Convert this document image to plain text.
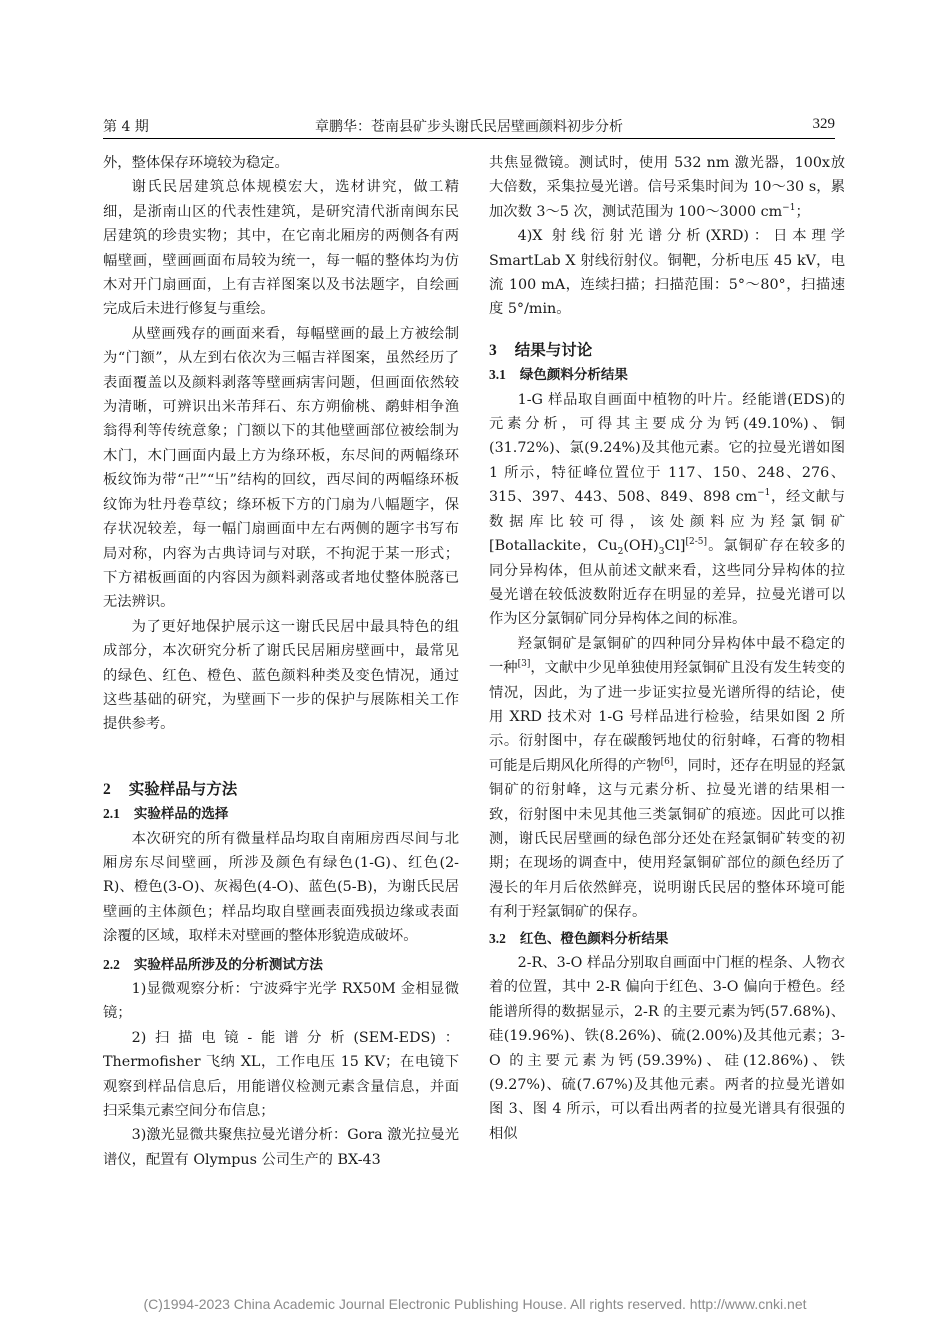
第 4 期	章鹏华：苍南县矿步头谢氏民居壁画颜料初步分析	329

外，整体保存环境较为稳定。

谢氏民居建筑总体规模宏大，选材讲究，做工精细，是浙南山区的代表性建筑，是研究清代浙南闽东民居建筑的珍贵实物；其中，在它南北厢房的两侧各有两幅壁画，壁画画面布局较为统一，每一幅的整体均为仿木对开门扇画面，上有吉祥图案以及书法题字，自绘画完成后未进行修复与重绘。

从壁画残存的画面来看，每幅壁画的最上方被绘制为“门额”，从左到右依次为三幅吉祥图案，虽然经历了表面覆盖以及颜料剥落等壁画病害问题，但画面依然较为清晰，可辨识出米芾拜石、东方朔偷桃、鹬蚌相争渔翁得利等传统意象；门额以下的其他壁画部位被绘制为木门，木门画面内最上方为绦环板，东尽间的两幅绦环板纹饰为带“卍”“卐”结构的回纹，西尽间的两幅绦环板纹饰为牡丹卷草纹；绦环板下方的门扇为八幅题字，保存状况较差，每一幅门扇画面中左右两侧的题字书写布局对称，内容为古典诗词与对联，不拘泥于某一形式；下方裙板画面的内容因为颜料剥落或者地仗整体脱落已无法辨识。

为了更好地保护展示这一谢氏民居中最具特色的组成部分，本次研究分析了谢氏民居厢房壁画中，最常见的绿色、红色、橙色、蓝色颜料种类及变色情况，通过这些基础的研究，为壁画下一步的保护与展陈相关工作提供参考。

2 实验样品与方法
2.1 实验样品的选择

本次研究的所有微量样品均取自南厢房西尽间与北厢房东尽间壁画，所涉及颜色有绿色(1-G)、红色(2-R)、橙色(3-O)、灰褐色(4-O)、蓝色(5-B)，为谢氏民居壁画的主体颜色；样品均取自壁画表面残损边缘或表面涂覆的区域，取样未对壁画的整体形貌造成破坏。

2.2 实验样品所涉及的分析测试方法

1)显微观察分析：宁波舜宇光学 RX50M 金相显微镜；

2)扫描电镜-能谱分析(SEM-EDS)：Thermofisher 飞纳 XL，工作电压 15 KV；在电镜下观察到样品信息后，用能谱仪检测元素含量信息，并面扫采集元素空间分布信息；

3)激光显微共聚焦拉曼光谱分析：Gora 激光拉曼光谱仪，配置有 Olympus 公司生产的 BX-43

共焦显微镜。测试时，使用 532 nm 激光器，100x放大倍数，采集拉曼光谱。信号采集时间为 10～30 s，累加次数 3～5 次，测试范围为 100～3000 $cm^{-1}$；

4)X 射线衍射光谱分析(XRD)：日本理学 SmartLab X 射线衍射仪。铜靶，分析电压 45 kV，电流 100 mA，连续扫描；扫描范围：5°～80°，扫描速度 5°/min。

3 结果与讨论
3.1 绿色颜料分析结果

1-G 样品取自画面中植物的叶片。经能谱(EDS)的元素分析，可得其主要成分为钙(49.10%)、铜(31.72%)、氯(9.24%)及其他元素。它的拉曼光谱如图 1 所示，特征峰位置位于 117、150、248、276、315、397、443、508、849、898 $cm^{-1}$，经文献与数据库比较可得，该处颜料应为羟氯铜矿[Botallackite，$Cu_2(OH)_3Cl][2-5]$。氯铜矿存在较多的同分异构体，但从前述文献来看，这些同分异构体的拉曼光谱在较低波数附近存在明显的差异，拉曼光谱可以作为区分氯铜矿同分异构体之间的标准。

羟氯铜矿是氯铜矿的四种同分异构体中最不稳定的一种[3]，文献中少见单独使用羟氯铜矿且没有发生转变的情况，因此，为了进一步证实拉曼光谱所得的结论，使用 XRD 技术对 1-G 号样品进行检验，结果如图 2 所示。衍射图中，存在碳酸钙地仗的衍射峰，石膏的物相可能是后期风化所得的产物[6]，同时，还存在明显的羟氯铜矿的衍射峰，这与元素分析、拉曼光谱的结果相一致，衍射图中未见其他三类氯铜矿的痕迹。因此可以推测，谢氏民居壁画的绿色部分还处在羟氯铜矿转变的初期；在现场的调查中，使用羟氯铜矿部位的颜色经历了漫长的年月后依然鲜亮，说明谢氏民居的整体环境可能有利于羟氯铜矿的保存。

3.2 红色、橙色颜料分析结果

2-R、3-O 样品分别取自画面中门框的桯条、人物衣着的位置，其中 2-R 偏向于红色、3-O 偏向于橙色。经能谱所得的数据显示，2-R 的主要元素为钙(57.68%)、硅(19.96%)、铁(8.26%)、硫(2.00%)及其他元素；3-O 的主要元素为钙(59.39%)、硅(12.86%)、铁(9.27%)、硫(7.67%)及其他元素。两者的拉曼光谱如图 3、图 4 所示，可以看出两者的拉曼光谱具有很强的相似

(C)1994-2023 China Academic Journal Electronic Publishing House. All rights reserved. http://www.cnki.net
